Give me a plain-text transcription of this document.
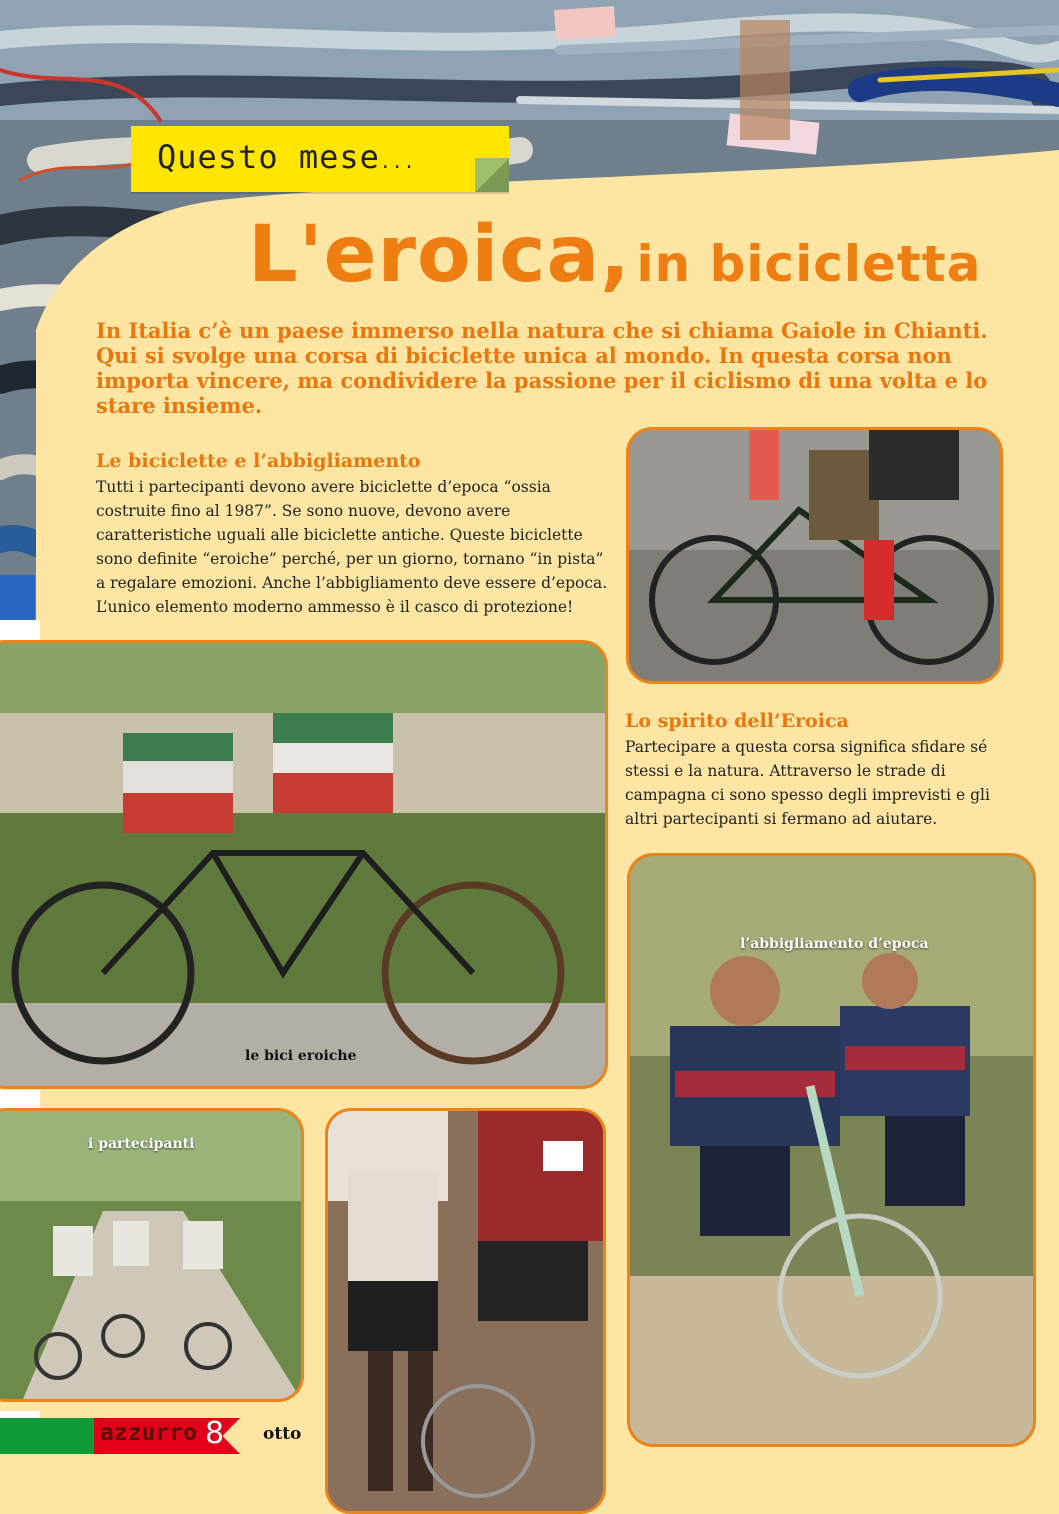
Questo mese...
L'eroica, in bicicletta
In Italia c’è un paese immerso nella natura che si chiama Gaiole in Chianti. Qui si svolge una corsa di biciclette unica al mondo. In questa corsa non importa vincere, ma condividere la passione per il ciclismo di una volta e lo stare insieme.
Le biciclette e l’abbigliamento
Tutti i partecipanti devono avere biciclette d’epoca “ossia costruite fino al 1987”. Se sono nuove, devono avere caratteristiche uguali alle biciclette antiche. Queste biciclette sono definite “eroiche” perché, per un giorno, tornano “in pista” a regalare emozioni. Anche l’abbigliamento deve essere d’epoca. L’unico elemento moderno ammesso è il casco di protezione!
le bici eroiche
Lo spirito dell’Eroica
Partecipare a questa corsa significa sfidare sé stessi e la natura. Attraverso le strade di campagna ci sono spesso degli imprevisti e gli altri partecipanti si fermano ad aiutare.
i partecipanti
l’abbigliamento d’epoca
azzurro 8 otto
